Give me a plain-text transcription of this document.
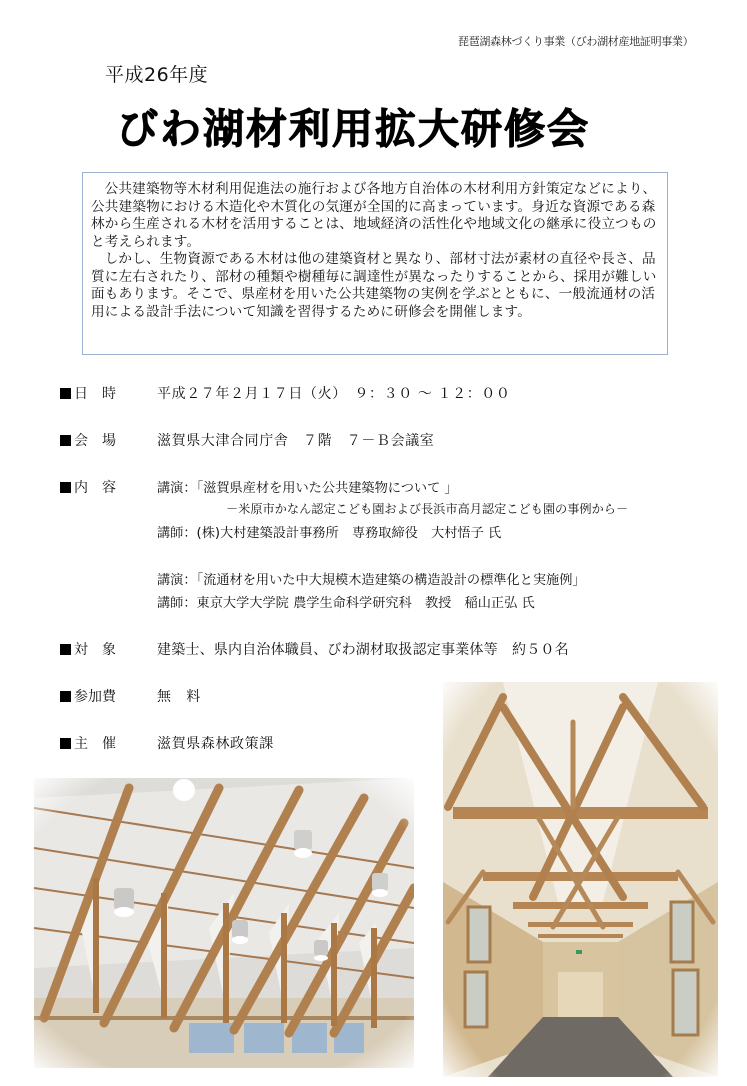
琵琶湖森林づくり事業（びわ湖材産地証明事業）
平成26年度
びわ湖材利用拡大研修会

公共建築物等木材利用促進法の施行および各地方自治体の木材利用方針策定などにより、公共建築物における木造化や木質化の気運が全国的に高まっています。身近な資源である森林から生産される木材を活用することは、地域経済の活性化や地域文化の継承に役立つものと考えられます。

しかし、生物資源である木材は他の建築資材と異なり、部材寸法が素材の直径や長さ、品質に左右されたり、部材の種類や樹種毎に調達性が異なったりすることから、採用が難しい面もあります。そこで、県産材を用いた公共建築物の実例を学ぶとともに、一般流通材の活用による設計手法について知識を習得するために研修会を開催します。

日　時	平成２７年２月１７日（火）　９：３０ ～ １２：００
会　場	滋賀県大津合同庁舎　７階　７－Ｂ会議室
内　容	講演：「滋賀県産材を用いた公共建築物について 」
－米原市かなん認定こども園および長浜市高月認定こども園の事例から－
講師：(株)大村建築設計事務所　専務取締役　大村悟子 氏
講演：「流通材を用いた中大規模木造建築の構造設計の標準化と実施例」
講師：東京大学大学院 農学生命科学研究科　教授　稲山正弘 氏
対　象	建築士、県内自治体職員、びわ湖材取扱認定事業体等　約５０名
参加費	無　料
主　催	滋賀県森林政策課
